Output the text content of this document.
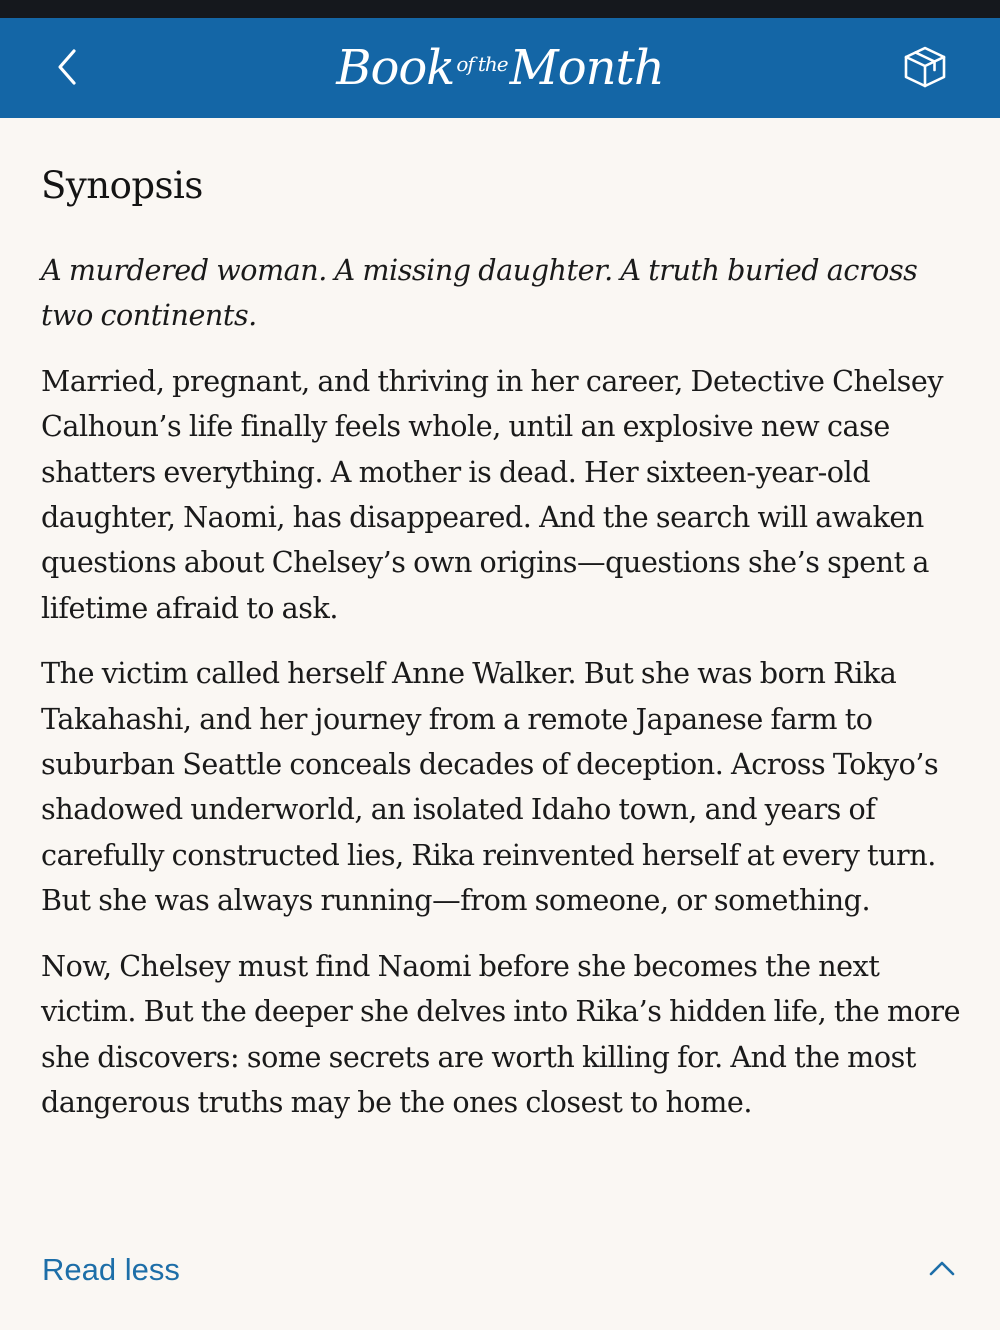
Book of the Month
Synopsis

A murdered woman. A missing daughter. A truth buried across two continents.

Married, pregnant, and thriving in her career, Detective Chelsey Calhoun’s life finally feels whole, until an explosive new case shatters everything. A mother is dead. Her sixteen-year-old daughter, Naomi, has disappeared. And the search will awaken questions about Chelsey’s own origins—questions she’s spent a lifetime afraid to ask.

The victim called herself Anne Walker. But she was born Rika Takahashi, and her journey from a remote Japanese farm to suburban Seattle conceals decades of deception. Across Tokyo’s shadowed underworld, an isolated Idaho town, and years of carefully constructed lies, Rika reinvented herself at every turn. But she was always running—from someone, or something.

Now, Chelsey must find Naomi before she becomes the next victim. But the deeper she delves into Rika’s hidden life, the more she discovers: some secrets are worth killing for. And the most dangerous truths may be the ones closest to home.

Read less
